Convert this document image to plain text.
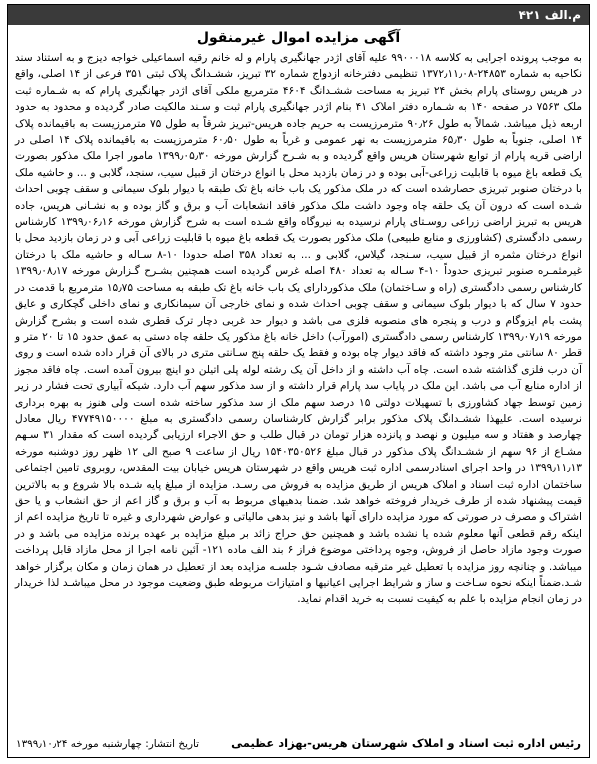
م.الف ۴۲۱
آگهی مزایده اموال غیرمنقول

به موجب پرونده اجرایی به کلاسه ۹۹۰۰۰۱۸ علیه آقای اژدر جهانگیری پارام و له خانم رقیه اسماعیلی خواجه دیزج و به استناد سند نکاحیه به شماره ۲۴۸۵۳-۱۳۷۲٫۱۱٫۰۸ تنظیمی دفترخانه ازدواج شماره ۳۲ تبریز، ششـدانگ پلاک ثبتی ۳۵۱ فرعی از ۱۴ اصلی، واقع در هریس روستای پارام بخش ۲۴ تبریز به مساحت ششـدانگ ۴۶۰۴ مترمربع ملکی آقای اژدر جهانگیری پارام که به شـماره ثبت ملک ۷۵۶۳ در صفحه ۱۴۰ به شـماره دفتر املاک ۴۱ بنام اژدر جهانگیری پارام ثبت و سـند مالکیت صادر گردیده و محدود به حدود اربعه ذیل میباشد. شمالاً به طول ۹۰٫۲۶ مترمرزیست به حریم جاده هریس-تبریز شرقاً به طول ۷۵ مترمرزیست به باقیمانده پلاک ۱۴ اصلی، جنوباً به طول ۶۵٫۳۰ مترمرزیست به نهر عمومی و غرباً به طول ۶۰٫۵۰ مترمرزیست به باقیمانده پلاک ۱۴ اصلی در اراضی قریه پارام از توابع شهرستان هریس واقع گردیده و به شـرح گزارش مورخه ۱۳۹۹٫۰۵٫۳۰ مامور اجرا ملک مذکور بصورت یک قطعه باغ میوه با قابلیت زراعی-آبی بوده و در زمان بازدید محل با انواع درختان از قبیل سیب، سنجد، گلابی و ... و حاشیه ملک با درختان صنوبر تبریزی حصارشده است که در ملک مذکور یک باب خانه باغ تک طبقه با دیوار بلوک سیمانی و سقف چوبی احداث شـده است که درون آن یک حلقه چاه وجود داشت ملک مذکور فاقد انشعابات آب و برق و گاز بوده و به نشـانی هریس، جاده هریس به تبریز اراضی زراعی روسـتای پارام نرسیده به نیروگاه واقع شـده است به شرح گزارش مورخه ۱۳۹۹٫۰۶٫۱۶ کارشناس رسمی دادگستری (کشاورزی و منابع طبیعی) ملک مذکور بصورت یک قطعه باغ میوه با قابلیت زراعی آبی و در زمان بازدید محل با انواع درختان مثمره از قبیل سیب، سـنجد، گیلاس، گلابی و ... به تعداد ۳۵۸ اصله حدودا ۱۰-۸ سـاله و حاشیه ملک با درختان غیرمثمـره صنوبر تبریزی حدوداً ۱۰-۴ سـاله به تعداد ۴۸۰ اصله غرس گردیده است همچنین بشـرح گـزارش مورخه ۱۳۹۹٫۰۸٫۱۷ کارشناس رسمی دادگستری (راه و سـاختمان) ملک مذکوردارای یک باب خانه باغ تک طبقه به مساحت ۱۵٫۷۵ مترمربع با قدمت در حدود ۷ سال که با دیوار بلوک سیمانی و سقف چوبی احداث شده و نمای خارجی آن سیمانکاری و نمای داخلی گچکاری و عایق پشت بام ایزوگام و درب و پنجره های منصوبه فلزی می باشد و دیوار حد غربی دچار ترک قطری شده است و بشرح گزارش مورخه ۱۳۹۹٫۰۷٫۱۹ کارشناس رسمی دادگستری (امورآب) داخل خانه باغ مذکور یک حلقه چاه دستی به عمق حدود ۱۵ تا ۲۰ متر و قطر ۸۰ سانتی متر وجود داشته که فاقد دیوار چاه بوده و فقط یک حلقه پنج سـانتی متری در بالای آن قرار داده شده است و روی آن درب فلزی گذاشته شده است. چاه آب داشته و از داخل آن یک رشته لوله پلی اتیلن دو اینچ بیرون آمده است. چاه فاقد مجوز از اداره منابع آب می باشد. این ملک در پایاب سد پارام قرار داشته و از سد مذکور سهم آب دارد. شیکه آبیاری تحت فشار در زیر زمین توسط جهاد کشاورزی با تسهیلات دولتی ۱۵ درصد سهم ملک از سد مذکور ساخته شده است ولی هنوز به بهره برداری نرسیده است. علیهذا ششـدانگ پلاک مذکور برابر گزارش کارشناسان رسمی دادگستری به مبلغ ۴۷۷۴۹۱۵۰۰۰۰ ریال معادل چهارصد و هفتاد و سه میلیون و نهصد و پانزده هزار تومان در قبال طلب و حق الاجراء ارزیابی گردیده است که مقدار ۳۱ سـهم مشـاع از ۹۶ سهم از ششـدانگ پلاک مذکور در قبال مبلغ ۱۵۴۰۳۵۰۵۲۶ ریال از ساعت ۹ صبح الی ۱۲ ظهر روز دوشنبه مورخه ۱۳۹۹٫۱۱٫۱۳ در واحد اجرای اسنادرسمی اداره ثبت هریس واقع در شهرستان هریس خیابان بیت المقدس، روبروی تامین اجتماعی ساختمان اداره ثبت اسناد و املاک هریس از طریق مزایده به فروش می رسـد. مزایده از مبلغ پایه شـده بالا شروع و به بالاترین قیمت پیشنهاد شده از طرف خریدار فروخته خواهد شد. ضمنا بدهیهای مربوط به آب و برق و گاز اعم از حق انشعاب و یا حق اشتراک و مصرف در صورتی که مورد مزایده دارای آنها باشد و نیز بدهی مالیاتی و عوارض شهرداری و غیره تا تاریخ مزایده اعم از اینکه رقم قطعی آنها معلوم شده یا نشده باشد و همچنین حق حراج زائد بر مبلغ مزایده بر عهده برنده مزایده می باشد و در صورت وجود مازاد حاصل از فروش، وجوه پرداختی موضوع فراز ۶ بند الف ماده ۱۲۱- آئین نامه اجرا از محل مازاد قابل پرداخت میباشد. و چنانچه روز مزایده با تعطیل غیر مترقبه مصادف شـود جلسـه مزایده بعد از تعطیل در همان زمان و مکان برگزار خواهد شـد.ضمناً اینکه نحوه سـاخت و ساز و شرایط اجرایی اعیانیها و امتیازات مربوطه طبق وضعیت موجود در محل میباشـد لذا خریدار در زمان انجام مزایده با علم به کیفیت نسبت به خرید اقدام نماید.

رئیس اداره ثبت اسناد و املاک شهرستان هریس-بهزاد عظیمی
تاریخ انتشار: چهارشنبه مورخه ۱۳۹۹٫۱۰٫۲۴
